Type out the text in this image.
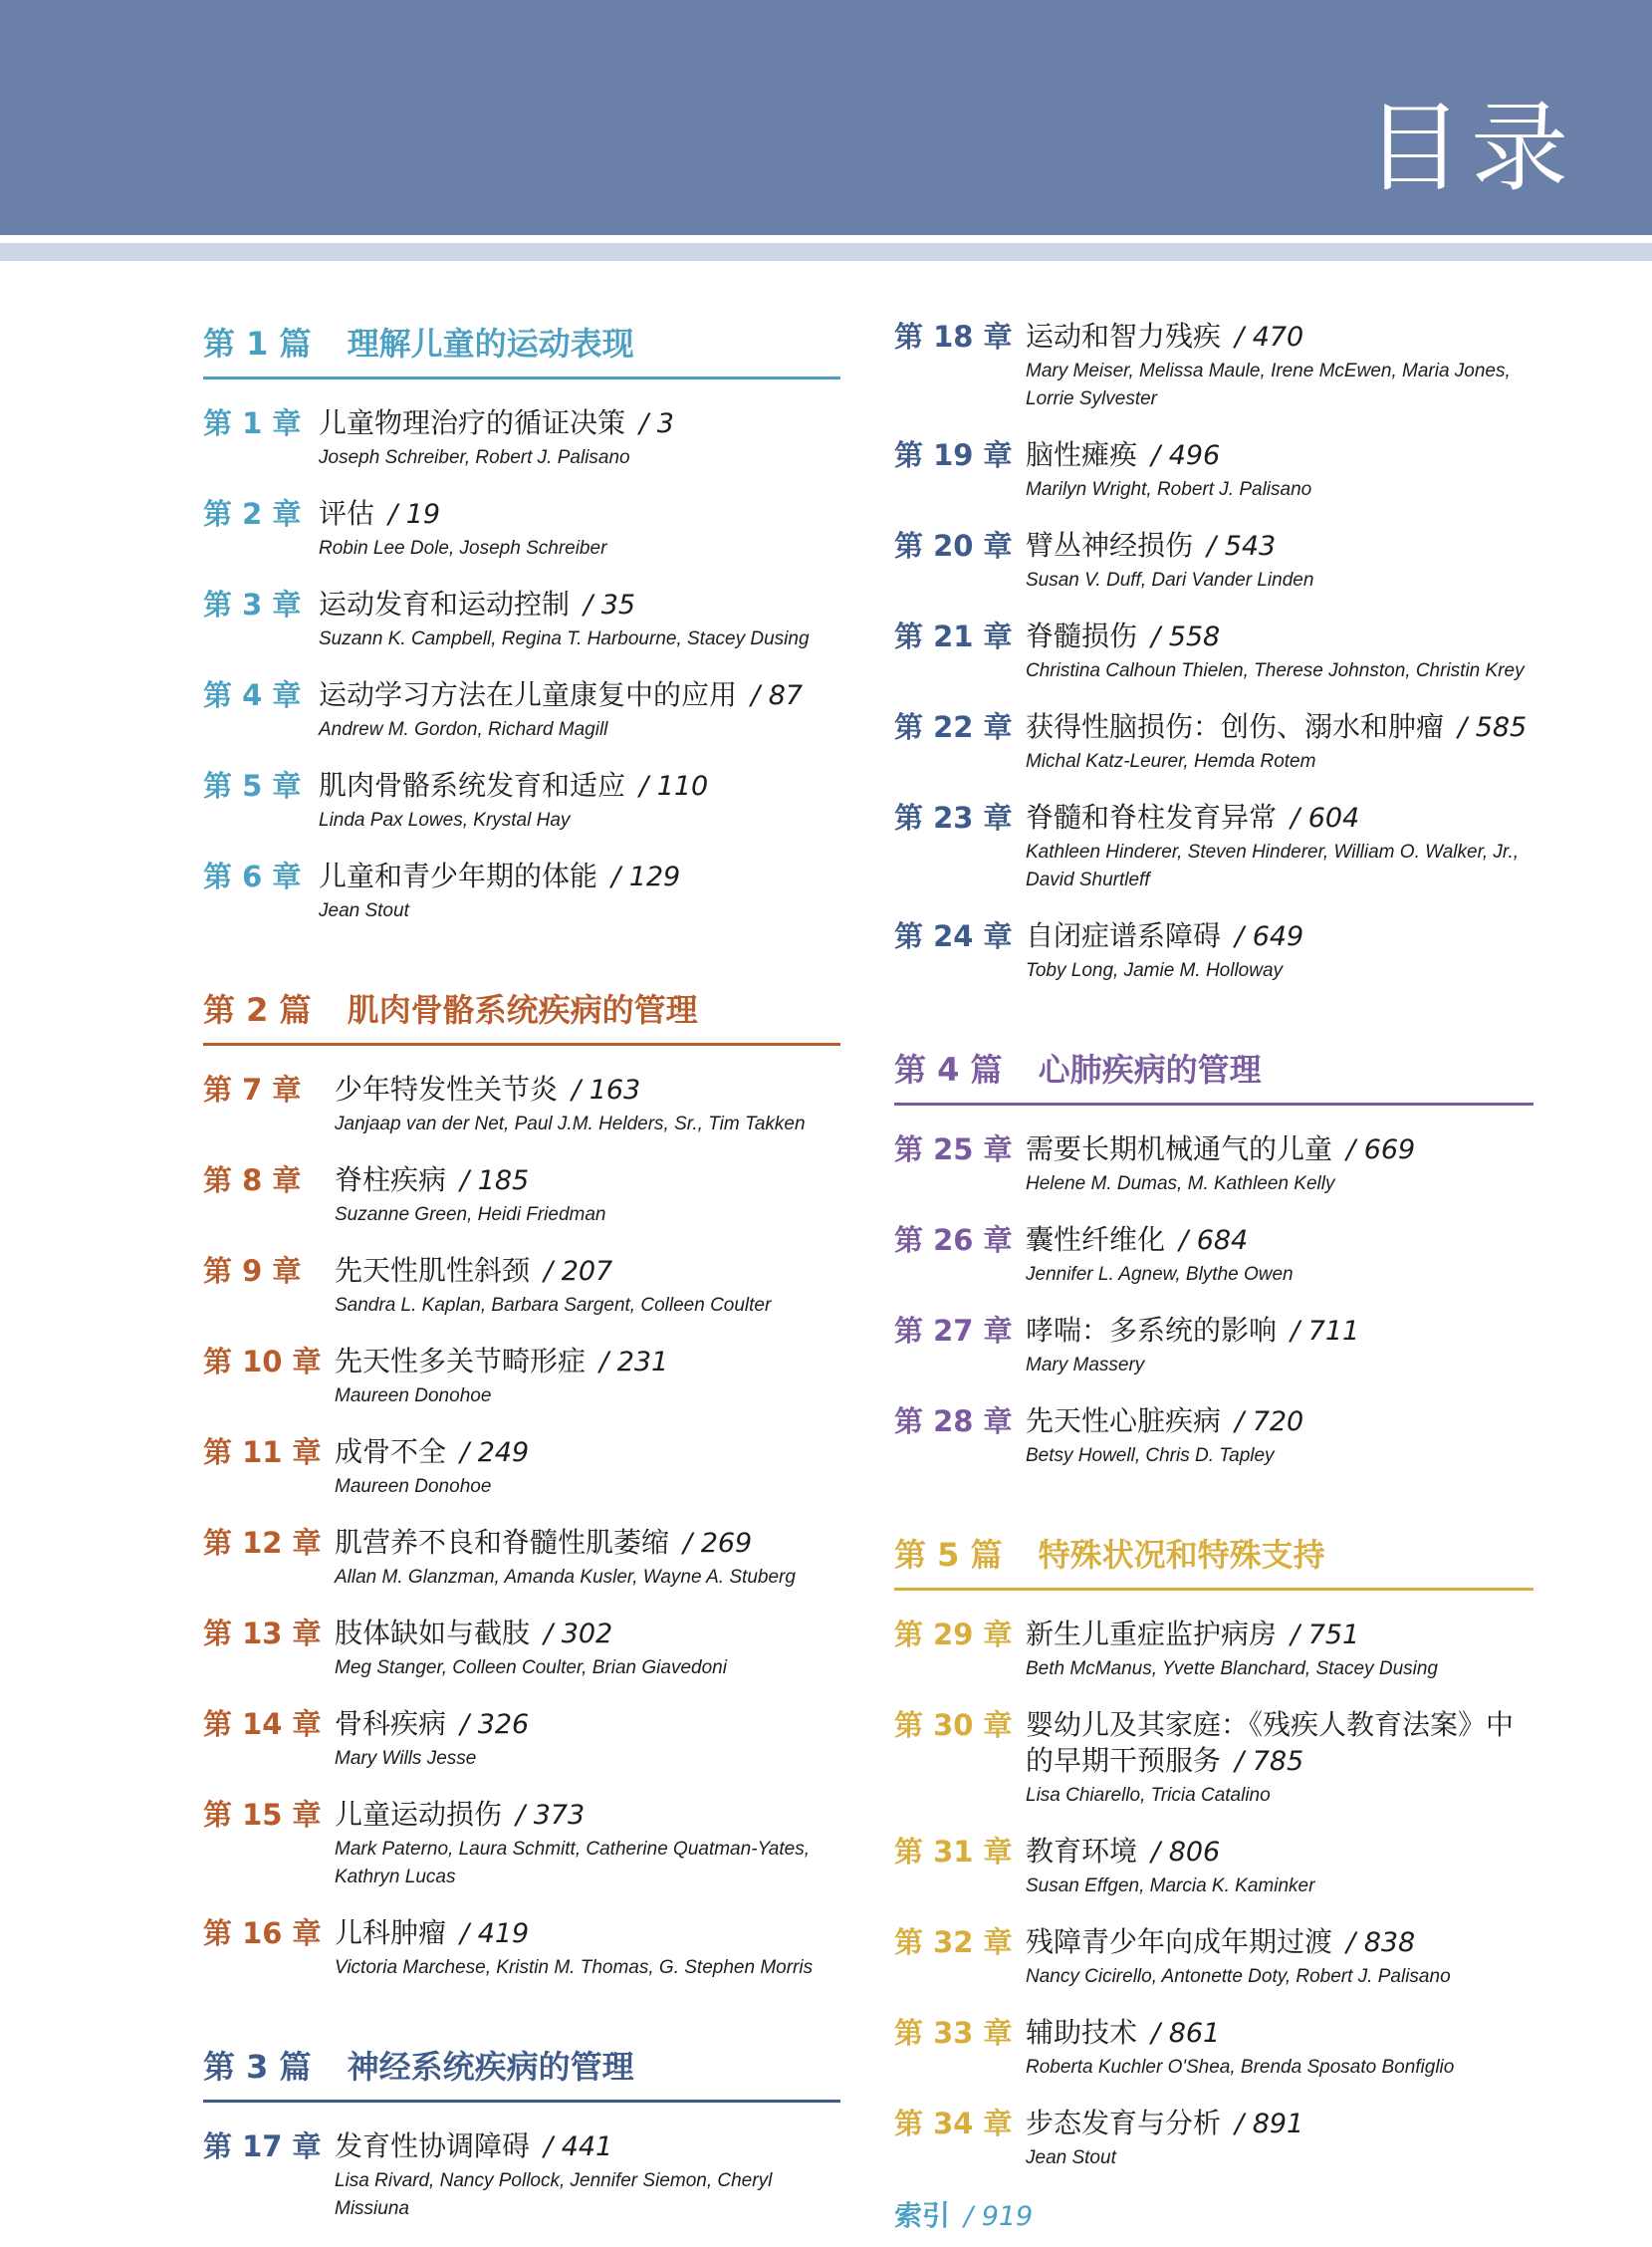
目录
第 1 篇 理解儿童的运动表现
第 1 章 儿童物理治疗的循证决策 / 3
Joseph Schreiber, Robert J. Palisano
第 2 章 评估 / 19
Robin Lee Dole, Joseph Schreiber
第 3 章 运动发育和运动控制 / 35
Suzann K. Campbell, Regina T. Harbourne, Stacey Dusing
第 4 章 运动学习方法在儿童康复中的应用 / 87
Andrew M. Gordon, Richard Magill
第 5 章 肌肉骨骼系统发育和适应 / 110
Linda Pax Lowes, Krystal Hay
第 6 章 儿童和青少年期的体能 / 129
Jean Stout
第 2 篇 肌肉骨骼系统疾病的管理
第 7 章	少年特发性关节炎 / 163
Janjaap van der Net, Paul J.M. Helders, Sr., Tim Takken
第 8 章	脊柱疾病 / 185
Suzanne Green, Heidi Friedman
第 9 章	先天性肌性斜颈 / 207
Sandra L. Kaplan, Barbara Sargent, Colleen Coulter
第 10 章 先天性多关节畸形症 / 231
Maureen Donohoe
第 11 章 成骨不全 / 249
Maureen Donohoe
第 12 章 肌营养不良和脊髓性肌萎缩 / 269
Allan M. Glanzman, Amanda Kusler, Wayne A. Stuberg
第 13 章 肢体缺如与截肢 / 302
Meg Stanger, Colleen Coulter, Brian Giavedoni
第 14 章 骨科疾病 / 326
Mary Wills Jesse
第 15 章 儿童运动损伤 / 373
Mark Paterno, Laura Schmitt, Catherine Quatman-Yates, Kathryn Lucas
第 16 章 儿科肿瘤 / 419
Victoria Marchese, Kristin M. Thomas, G. Stephen Morris
第 3 篇 神经系统疾病的管理
第 17 章 发育性协调障碍 / 441
Lisa Rivard, Nancy Pollock, Jennifer Siemon, Cheryl Missiuna
第 18 章 运动和智力残疾 / 470
Mary Meiser, Melissa Maule, Irene McEwen, Maria Jones, Lorrie Sylvester
第 19 章 脑性瘫痪 / 496
Marilyn Wright, Robert J. Palisano
第 20 章 臂丛神经损伤 / 543
Susan V. Duff, Dari Vander Linden
第 21 章 脊髓损伤 / 558
Christina Calhoun Thielen, Therese Johnston, Christin Krey
第 22 章 获得性脑损伤：创伤、溺水和肿瘤 / 585
Michal Katz-Leurer, Hemda Rotem
第 23 章 脊髓和脊柱发育异常 / 604
Kathleen Hinderer, Steven Hinderer, William O. Walker, Jr., David Shurtleff
第 24 章 自闭症谱系障碍 / 649
Toby Long, Jamie M. Holloway
第 4 篇 心肺疾病的管理
第 25 章 需要长期机械通气的儿童 / 669
Helene M. Dumas, M. Kathleen Kelly
第 26 章 囊性纤维化 / 684
Jennifer L. Agnew, Blythe Owen
第 27 章 哮喘：多系统的影响 / 711
Mary Massery
第 28 章 先天性心脏疾病 / 720
Betsy Howell, Chris D. Tapley
第 5 篇 特殊状况和特殊支持
第 29 章 新生儿重症监护病房 / 751
Beth McManus, Yvette Blanchard, Stacey Dusing
第 30 章 婴幼儿及其家庭：《残疾人教育法案》中的早期干预服务 / 785
Lisa Chiarello, Tricia Catalino
第 31 章 教育环境 / 806
Susan Effgen, Marcia K. Kaminker
第 32 章 残障青少年向成年期过渡 / 838
Nancy Cicirello, Antonette Doty, Robert J. Palisano
第 33 章 辅助技术 / 861
Roberta Kuchler O'Shea, Brenda Sposato Bonfiglio
第 34 章 步态发育与分析 / 891
Jean Stout
索引 / 919
